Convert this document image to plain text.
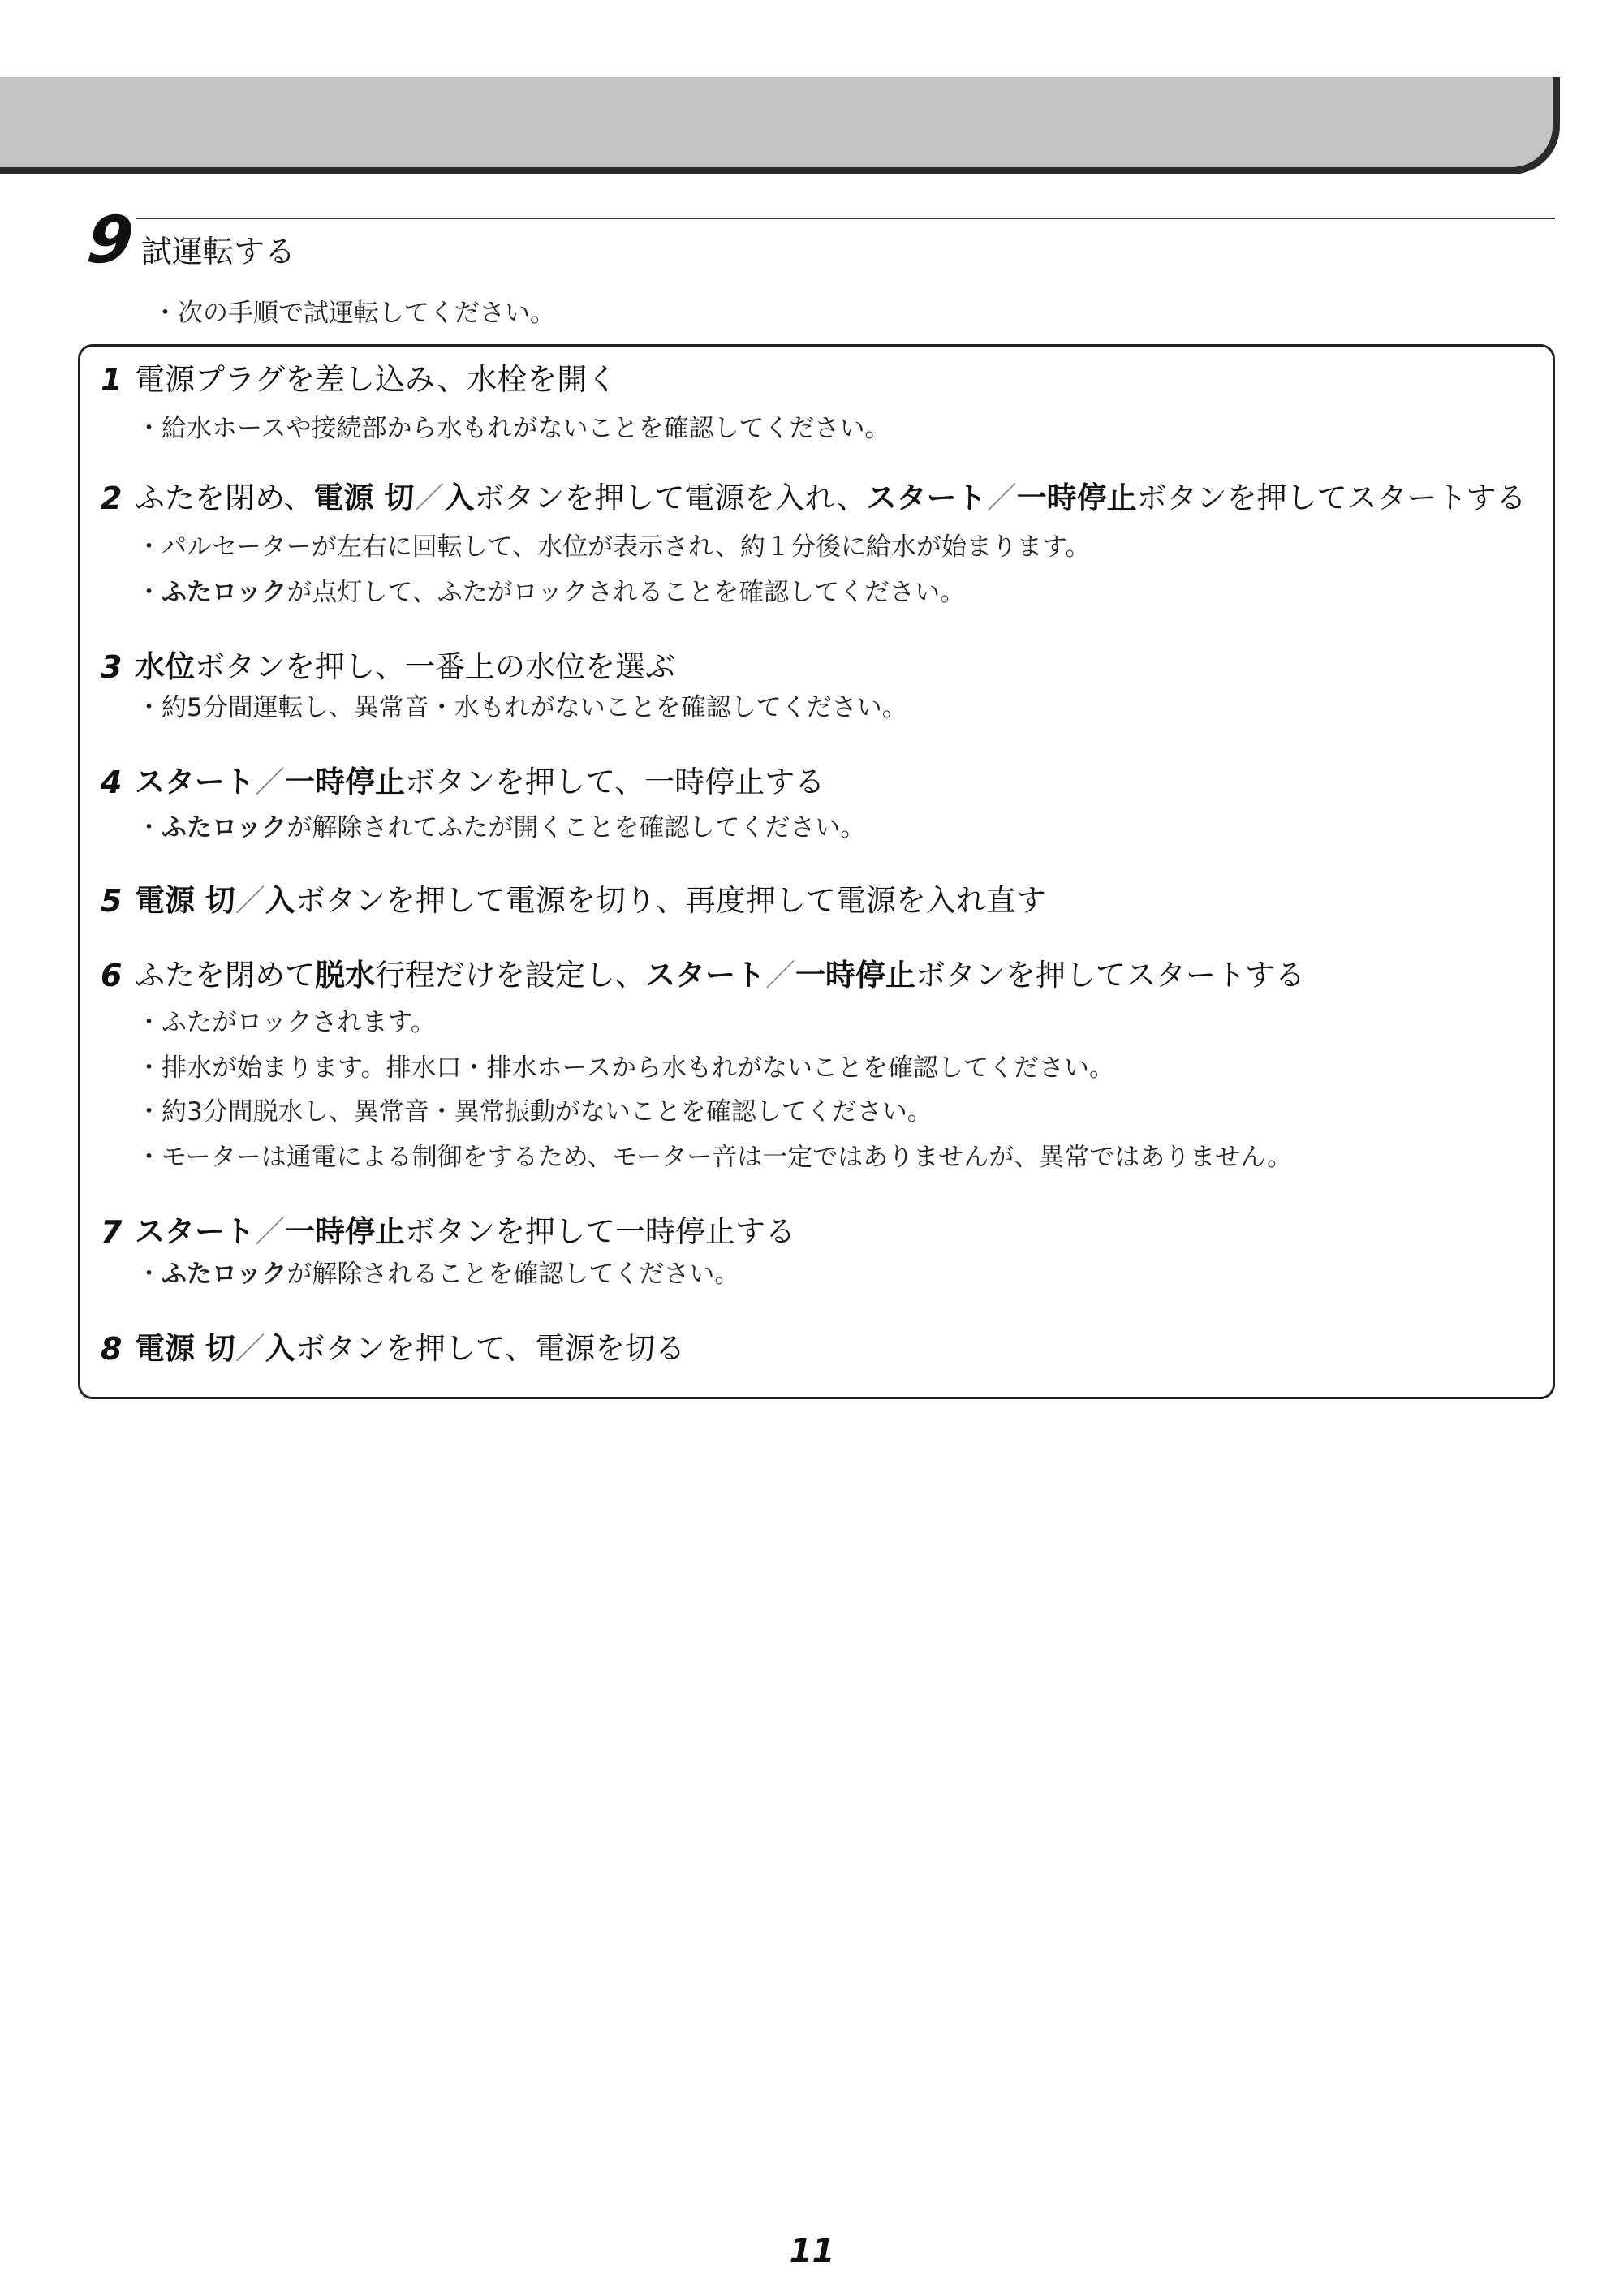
9 試運転する
・次の手順で試運転してください。
1 電源プラグを差し込み、水栓を開く
・給水ホースや接続部から水もれがないことを確認してください。
2 ふたを閉め、電源 切／入ボタンを押して電源を入れ、スタート／一時停止ボタンを押してスタートする
・パルセーターが左右に回転して、水位が表示され、約１分後に給水が始まります。
・ふたロックが点灯して、ふたがロックされることを確認してください。
3 水位ボタンを押し、一番上の水位を選ぶ
・約5分間運転し、異常音・水もれがないことを確認してください。
4 スタート／一時停止ボタンを押して、一時停止する
・ふたロックが解除されてふたが開くことを確認してください。
5 電源 切／入ボタンを押して電源を切り、再度押して電源を入れ直す
6 ふたを閉めて脱水行程だけを設定し、スタート／一時停止ボタンを押してスタートする
・ふたがロックされます。
・排水が始まります。排水口・排水ホースから水もれがないことを確認してください。
・約3分間脱水し、異常音・異常振動がないことを確認してください。
・モーターは通電による制御をするため、モーター音は一定ではありませんが、異常ではありません。
7 スタート／一時停止ボタンを押して一時停止する
・ふたロックが解除されることを確認してください。
8 電源 切／入ボタンを押して、電源を切る
11
